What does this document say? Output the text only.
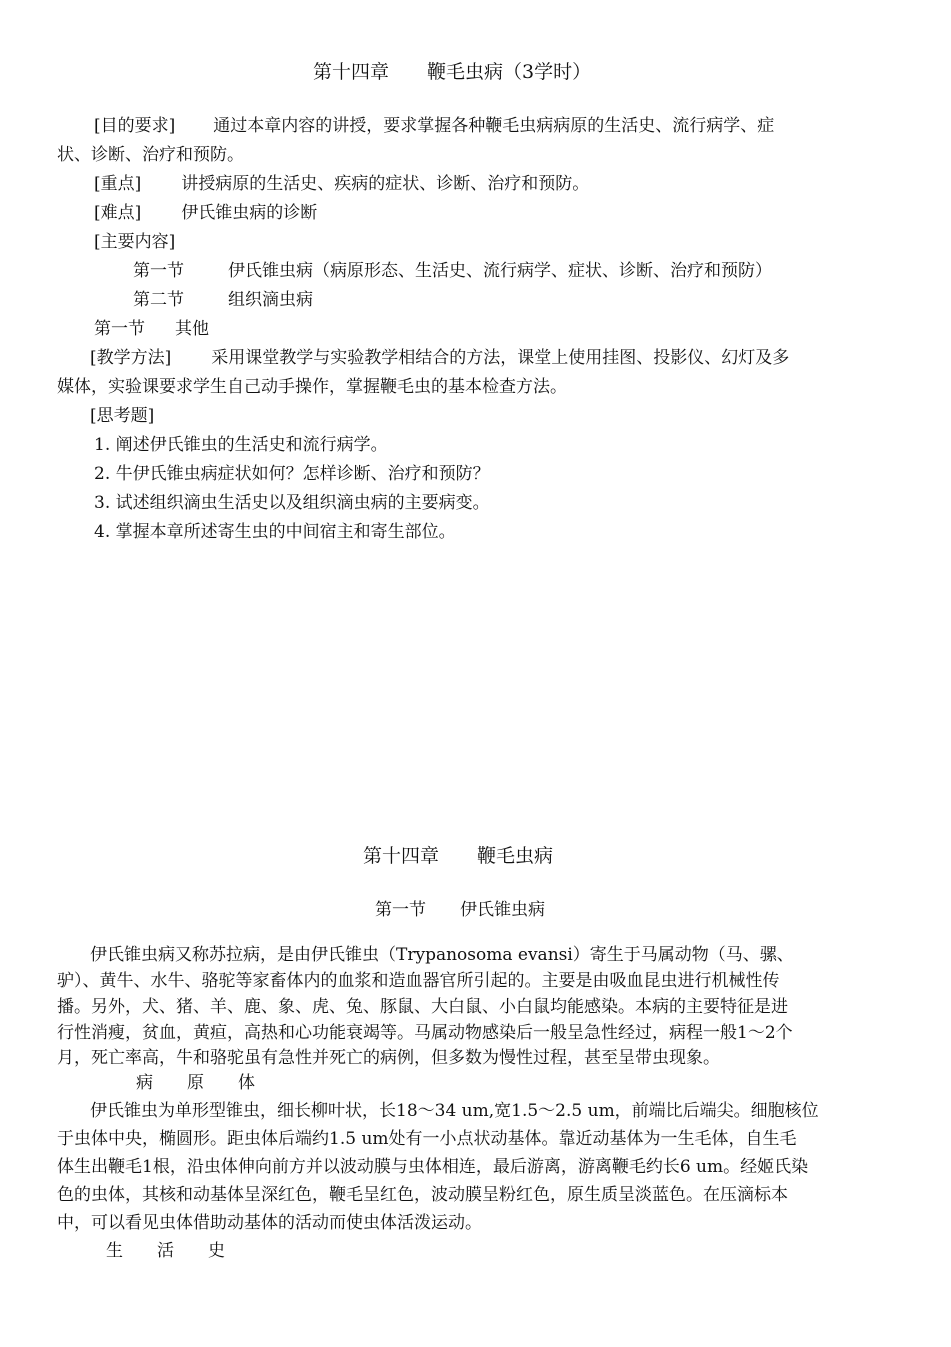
第十四章　　鞭毛虫病（3学时）
[目的要求] 通过本章内容的讲授，要求掌握各种鞭毛虫病病原的生活史、流行病学、症
状、诊断、治疗和预防。
[重点] 讲授病原的生活史、疾病的症状、诊断、治疗和预防。
[难点] 伊氏锥虫病的诊断
[主要内容]
第一节	伊氏锥虫病（病原形态、生活史、流行病学、症状、诊断、治疗和预防）
第二节	组织滴虫病
第一节 其他
[教学方法] 采用课堂教学与实验教学相结合的方法，课堂上使用挂图、投影仪、幻灯及多
媒体，实验课要求学生自己动手操作，掌握鞭毛虫的基本检查方法。
[思考题]
1. 阐述伊氏锥虫的生活史和流行病学。
2. 牛伊氏锥虫病症状如何？怎样诊断、治疗和预防？
3. 试述组织滴虫生活史以及组织滴虫病的主要病变。
4. 掌握本章所述寄生虫的中间宿主和寄生部位。
第十四章　　鞭毛虫病
第一节　　伊氏锥虫病
伊氏锥虫病又称苏拉病，是由伊氏锥虫（Trypanosoma evansi）寄生于马属动物（马、骡、
驴）、黄牛、水牛、骆驼等家畜体内的血浆和造血器官所引起的。主要是由吸血昆虫进行机械性传
播。另外，犬、猪、羊、鹿、象、虎、兔、豚鼠、大白鼠、小白鼠均能感染。本病的主要特征是进
行性消瘦，贫血，黄疸，高热和心功能衰竭等。马属动物感染后一般呈急性经过，病程一般1～2个
月，死亡率高，牛和骆驼虽有急性并死亡的病例，但多数为慢性过程，甚至呈带虫现象。
病　　原　　体
伊氏锥虫为单形型锥虫，细长柳叶状，长18～34 um,宽1.5～2.5 um，前端比后端尖。细胞核位
于虫体中央，椭圆形。距虫体后端约1.5 um处有一小点状动基体。靠近动基体为一生毛体，自生毛
体生出鞭毛1根，沿虫体伸向前方并以波动膜与虫体相连，最后游离，游离鞭毛约长6 um。经姬氏染
色的虫体，其核和动基体呈深红色，鞭毛呈红色，波动膜呈粉红色，原生质呈淡蓝色。在压滴标本
中，可以看见虫体借助动基体的活动而使虫体活泼运动。
生　　活　　史
